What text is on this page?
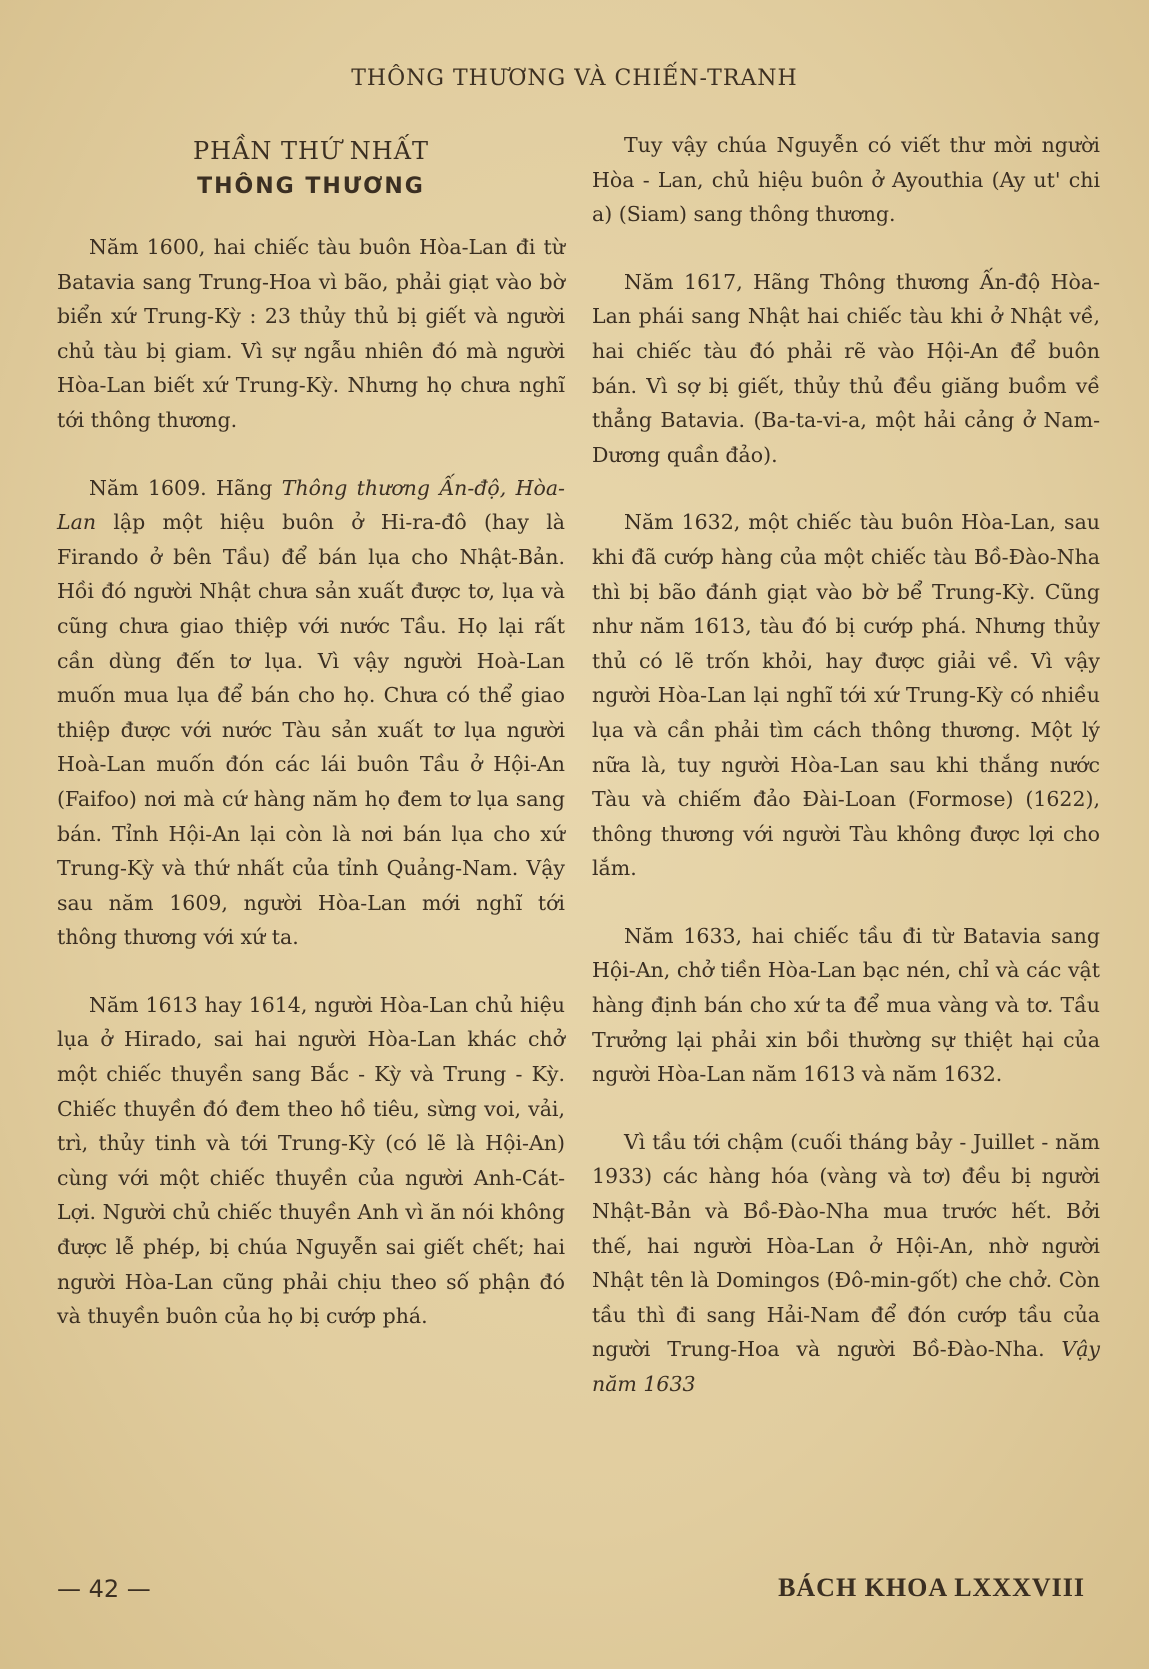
THÔNG THƯƠNG VÀ CHIẾN-TRANH
PHẦN THỨ NHẤT
THÔNG THƯƠNG

Năm 1600, hai chiếc tàu buôn Hòa-Lan đi từ Batavia sang Trung-Hoa vì bão, phải giạt vào bờ biển xứ Trung-Kỳ : 23 thủy thủ bị giết và người chủ tàu bị giam. Vì sự ngẫu nhiên đó mà người Hòa-Lan biết xứ Trung-Kỳ. Nhưng họ chưa nghĩ tới thông thương.

Năm 1609. Hãng Thông thương Ấn-độ, Hòa-Lan lập một hiệu buôn ở Hi-ra-đô (hay là Firando ở bên Tầu) để bán lụa cho Nhật-Bản. Hồi đó người Nhật chưa sản xuất được tơ, lụa và cũng chưa giao thiệp với nước Tầu. Họ lại rất cần dùng đến tơ lụa. Vì vậy người Hoà-Lan muốn mua lụa để bán cho họ. Chưa có thể giao thiệp được với nước Tàu sản xuất tơ lụa người Hoà-Lan muốn đón các lái buôn Tầu ở Hội-An (Faifoo) nơi mà cứ hàng năm họ đem tơ lụa sang bán. Tỉnh Hội-An lại còn là nơi bán lụa cho xứ Trung-Kỳ và thứ nhất của tỉnh Quảng-Nam. Vậy sau năm 1609, người Hòa-Lan mới nghĩ tới thông thương với xứ ta.

Năm 1613 hay 1614, người Hòa-Lan chủ hiệu lụa ở Hirado, sai hai người Hòa-Lan khác chở một chiếc thuyền sang Bắc - Kỳ và Trung - Kỳ. Chiếc thuyền đó đem theo hồ tiêu, sừng voi, vải, trì, thủy tinh và tới Trung-Kỳ (có lẽ là Hội-An) cùng với một chiếc thuyền của người Anh-Cát-Lợi. Người chủ chiếc thuyền Anh vì ăn nói không được lễ phép, bị chúa Nguyễn sai giết chết; hai người Hòa-Lan cũng phải chịu theo số phận đó và thuyền buôn của họ bị cướp phá.

Tuy vậy chúa Nguyễn có viết thư mời người Hòa - Lan, chủ hiệu buôn ở Ayouthia (Ay ut' chi a) (Siam) sang thông thương.

Năm 1617, Hãng Thông thương Ấn-độ Hòa-Lan phái sang Nhật hai chiếc tàu khi ở Nhật về, hai chiếc tàu đó phải rẽ vào Hội-An để buôn bán. Vì sợ bị giết, thủy thủ đều giăng buồm về thẳng Batavia. (Ba-ta-vi-a, một hải cảng ở Nam-Dương quần đảo).

Năm 1632, một chiếc tàu buôn Hòa-Lan, sau khi đã cướp hàng của một chiếc tàu Bồ-Đào-Nha thì bị bão đánh giạt vào bờ bể Trung-Kỳ. Cũng như năm 1613, tàu đó bị cướp phá. Nhưng thủy thủ có lẽ trốn khỏi, hay được giải về. Vì vậy người Hòa-Lan lại nghĩ tới xứ Trung-Kỳ có nhiều lụa và cần phải tìm cách thông thương. Một lý nữa là, tuy người Hòa-Lan sau khi thắng nước Tàu và chiếm đảo Đài-Loan (Formose) (1622), thông thương với người Tàu không được lợi cho lắm.

Năm 1633, hai chiếc tầu đi từ Batavia sang Hội-An, chở tiền Hòa-Lan bạc nén, chỉ và các vật hàng định bán cho xứ ta để mua vàng và tơ. Tầu Trưởng lại phải xin bồi thường sự thiệt hại của người Hòa-Lan năm 1613 và năm 1632.

Vì tầu tới chậm (cuối tháng bảy - Juillet - năm 1933) các hàng hóa (vàng và tơ) đều bị người Nhật-Bản và Bồ-Đào-Nha mua trước hết. Bởi thế, hai người Hòa-Lan ở Hội-An, nhờ người Nhật tên là Domingos (Đô-min-gốt) che chở. Còn tầu thì đi sang Hải-Nam để đón cướp tầu của người Trung-Hoa và người Bồ-Đào-Nha. Vậy năm 1633

— 42 —	BÁCH KHOA LXXXVIII
